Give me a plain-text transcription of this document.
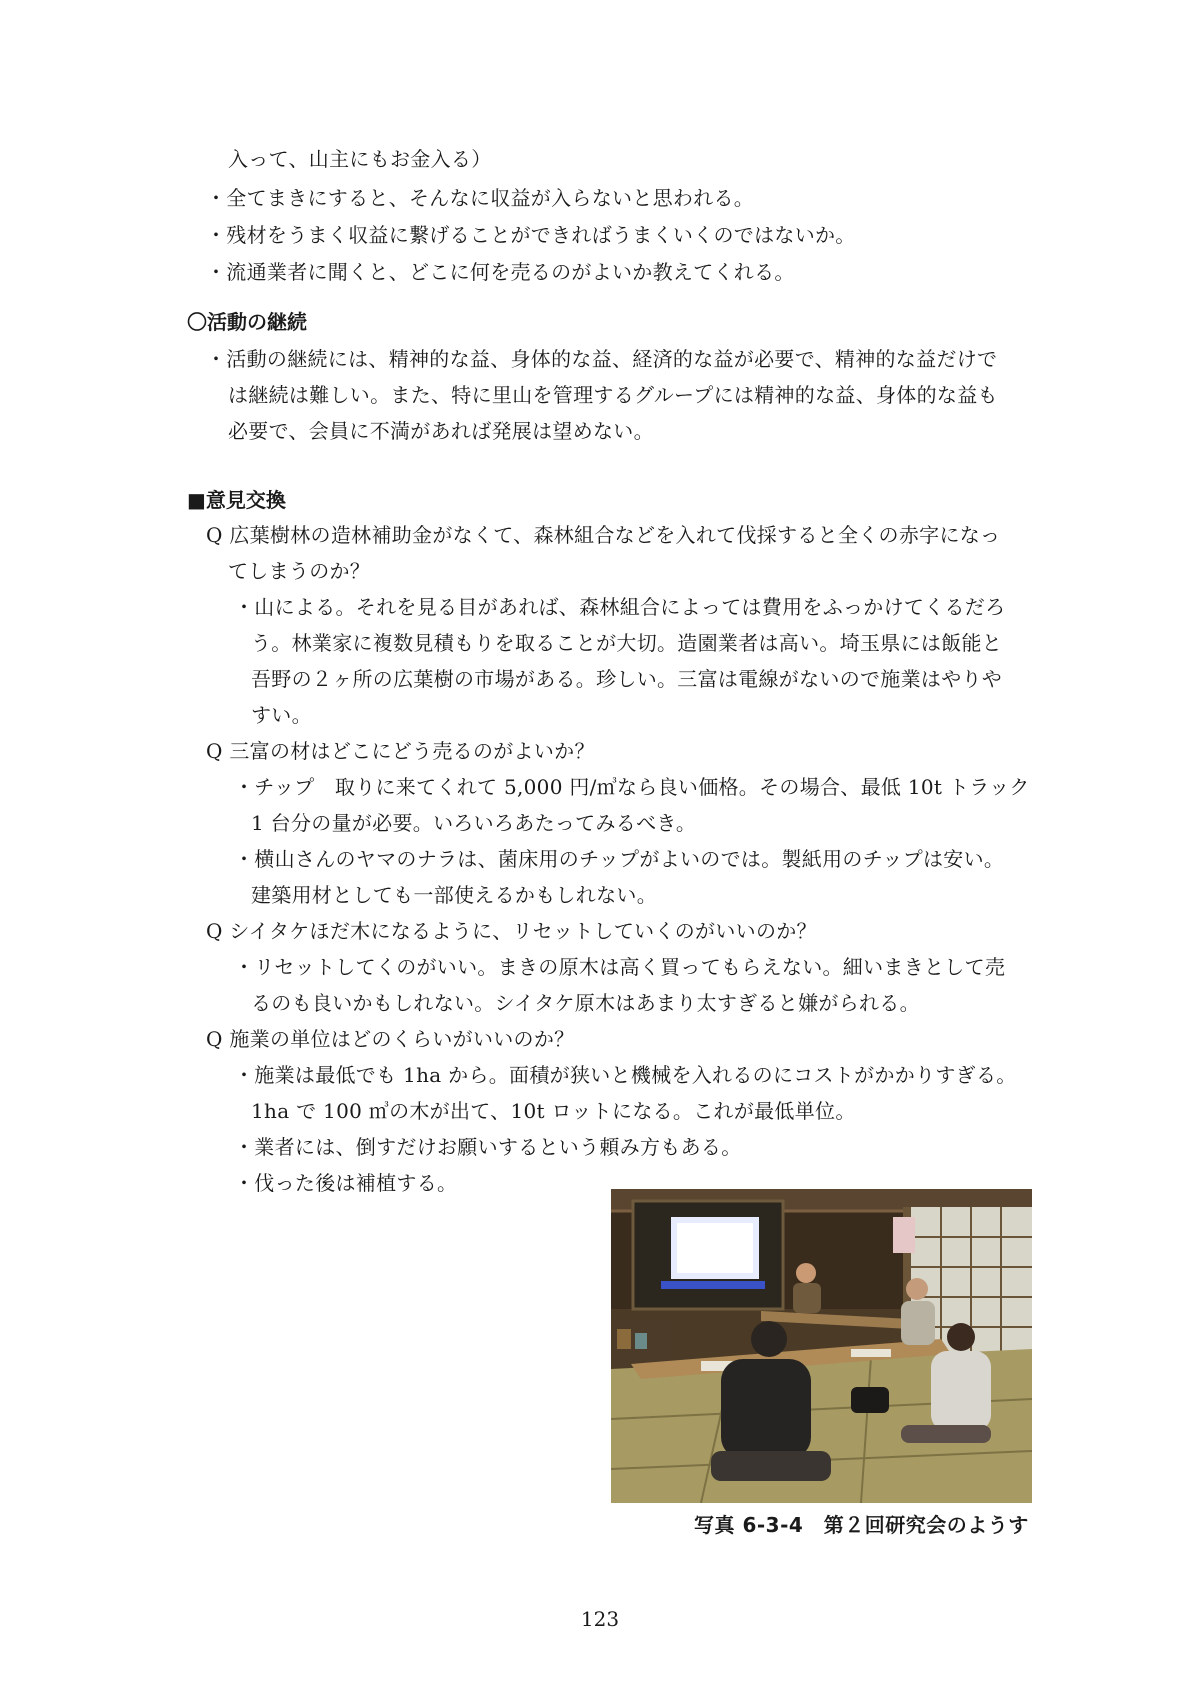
入って、山主にもお金入る）
・全てまきにすると、そんなに収益が入らないと思われる。
・残材をうまく収益に繋げることができればうまくいくのではないか。
・流通業者に聞くと、どこに何を売るのがよいか教えてくれる。
〇活動の継続
・活動の継続には、精神的な益、身体的な益、経済的な益が必要で、精神的な益だけで
は継続は難しい。また、特に里山を管理するグループには精神的な益、身体的な益も
必要で、会員に不満があれば発展は望めない。
■意見交換
Q 広葉樹林の造林補助金がなくて、森林組合などを入れて伐採すると全くの赤字になっ
てしまうのか？
・山による。それを見る目があれば、森林組合によっては費用をふっかけてくるだろ
う。林業家に複数見積もりを取ることが大切。造園業者は高い。埼玉県には飯能と
吾野の２ヶ所の広葉樹の市場がある。珍しい。三富は電線がないので施業はやりや
すい。
Q 三富の材はどこにどう売るのがよいか？
・チップ　取りに来てくれて 5,000 円/㎥なら良い価格。その場合、最低 10t トラック
1 台分の量が必要。いろいろあたってみるべき。
・横山さんのヤマのナラは、菌床用のチップがよいのでは。製紙用のチップは安い。
建築用材としても一部使えるかもしれない。
Q シイタケほだ木になるように、リセットしていくのがいいのか？
・リセットしてくのがいい。まきの原木は高く買ってもらえない。細いまきとして売
るのも良いかもしれない。シイタケ原木はあまり太すぎると嫌がられる。
Q 施業の単位はどのくらいがいいのか？
・施業は最低でも 1ha から。面積が狭いと機械を入れるのにコストがかかりすぎる。
1ha で 100 ㎥の木が出て、10t ロットになる。これが最低単位。
・業者には、倒すだけお願いするという頼み方もある。
・伐った後は補植する。
写真 6-3-4　第２回研究会のようす
123
